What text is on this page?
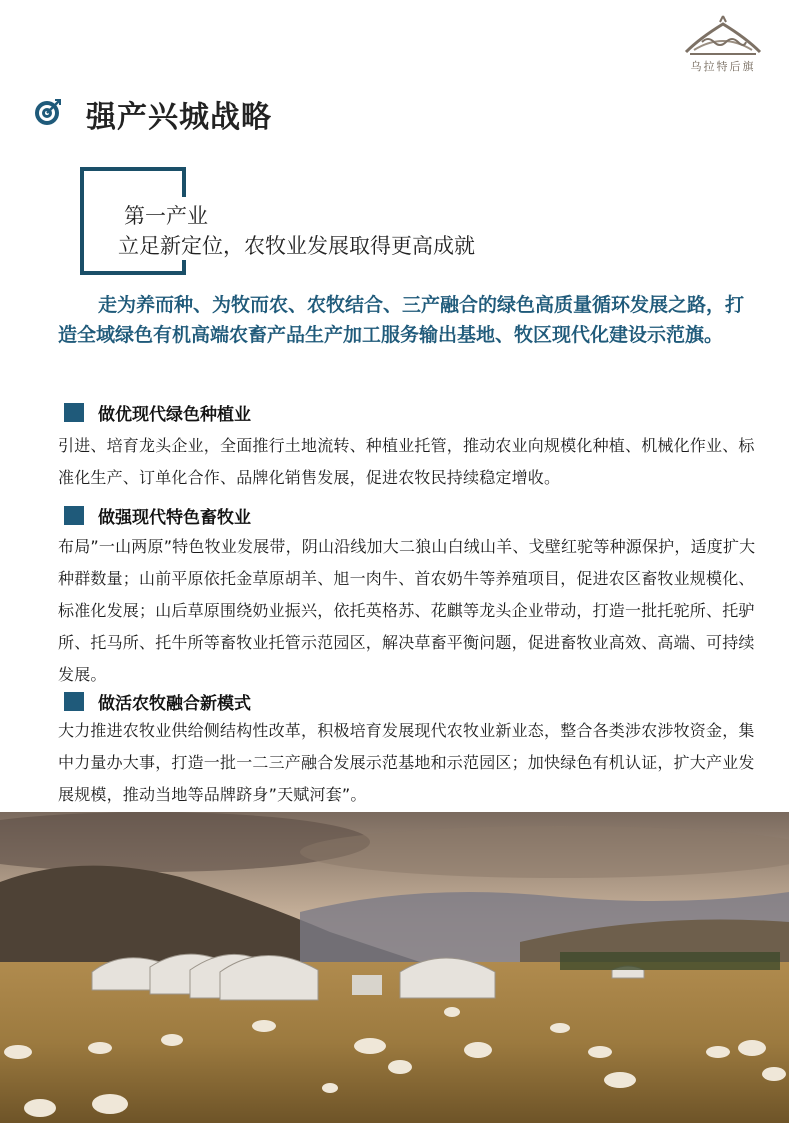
乌拉特后旗
强产兴城战略
第一产业
立足新定位，农牧业发展取得更高成就
走为养而种、为牧而农、农牧结合、三产融合的绿色高质量循环发展之路，打造全域绿色有机高端农畜产品生产加工服务输出基地、牧区现代化建设示范旗。
做优现代绿色种植业
引进、培育龙头企业，全面推行土地流转、种植业托管，推动农业向规模化种植、机械化作业、标准化生产、订单化合作、品牌化销售发展，促进农牧民持续稳定增收。
做强现代特色畜牧业
布局”一山两原”特色牧业发展带，阴山沿线加大二狼山白绒山羊、戈壁红驼等种源保护，适度扩大种群数量；山前平原依托金草原胡羊、旭一肉牛、首农奶牛等养殖项目，促进农区畜牧业规模化、标准化发展；山后草原围绕奶业振兴，依托英格苏、花麒等龙头企业带动，打造一批托驼所、托驴所、托马所、托牛所等畜牧业托管示范园区，解决草畜平衡问题，促进畜牧业高效、高端、可持续发展。
做活农牧融合新模式
大力推进农牧业供给侧结构性改革，积极培育发展现代农牧业新业态，整合各类涉农涉牧资金，集中力量办大事，打造一批一二三产融合发展示范基地和示范园区；加快绿色有机认证，扩大产业发展规模，推动当地等品牌跻身”天赋河套”。
